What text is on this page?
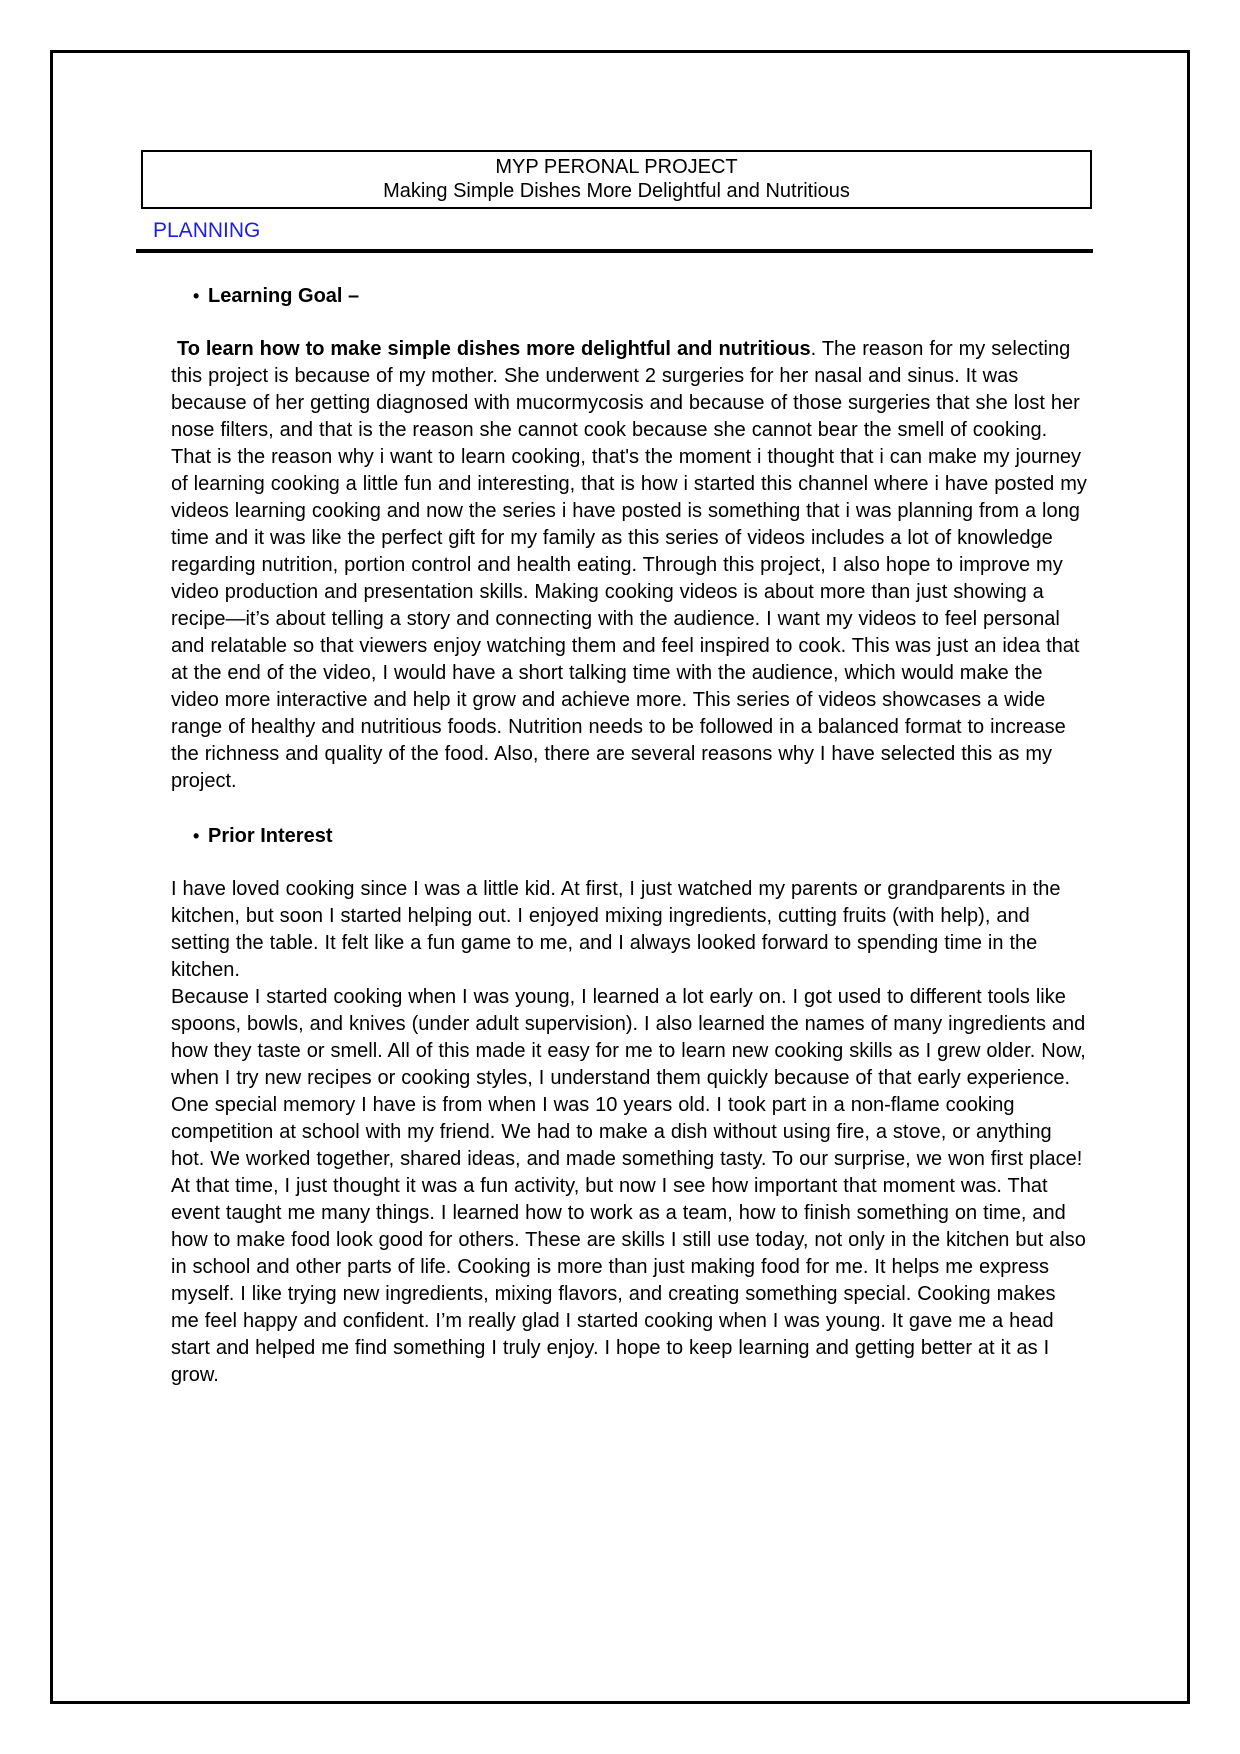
MYP PERONAL PROJECT
Making Simple Dishes More Delightful and Nutritious
PLANNING
• Learning Goal –
To learn how to make simple dishes more delightful and nutritious. The reason for my selecting this project is because of my mother. She underwent 2 surgeries for her nasal and sinus. It was because of her getting diagnosed with mucormycosis and because of those surgeries that she lost her nose filters, and that is the reason she cannot cook because she cannot bear the smell of cooking. That is the reason why i want to learn cooking, that's the moment i thought that i can make my journey of learning cooking a little fun and interesting, that is how i started this channel where i have posted my videos learning cooking and now the series i have posted is something that i was planning from a long time and it was like the perfect gift for my family as this series of videos includes a lot of knowledge regarding nutrition, portion control and health eating. Through this project, I also hope to improve my video production and presentation skills. Making cooking videos is about more than just showing a recipe—it’s about telling a story and connecting with the audience. I want my videos to feel personal and relatable so that viewers enjoy watching them and feel inspired to cook. This was just an idea that at the end of the video, I would have a short talking time with the audience, which would make the video more interactive and help it grow and achieve more. This series of videos showcases a wide range of healthy and nutritious foods. Nutrition needs to be followed in a balanced format to increase the richness and quality of the food. Also, there are several reasons why I have selected this as my project.
• Prior Interest
I have loved cooking since I was a little kid. At first, I just watched my parents or grandparents in the kitchen, but soon I started helping out. I enjoyed mixing ingredients, cutting fruits (with help), and setting the table. It felt like a fun game to me, and I always looked forward to spending time in the kitchen.
Because I started cooking when I was young, I learned a lot early on. I got used to different tools like spoons, bowls, and knives (under adult supervision). I also learned the names of many ingredients and how they taste or smell. All of this made it easy for me to learn new cooking skills as I grew older. Now, when I try new recipes or cooking styles, I understand them quickly because of that early experience.
One special memory I have is from when I was 10 years old. I took part in a non-flame cooking competition at school with my friend. We had to make a dish without using fire, a stove, or anything hot. We worked together, shared ideas, and made something tasty. To our surprise, we won first place! At that time, I just thought it was a fun activity, but now I see how important that moment was. That event taught me many things. I learned how to work as a team, how to finish something on time, and how to make food look good for others. These are skills I still use today, not only in the kitchen but also in school and other parts of life. Cooking is more than just making food for me. It helps me express myself. I like trying new ingredients, mixing flavors, and creating something special. Cooking makes me feel happy and confident. I’m really glad I started cooking when I was young. It gave me a head start and helped me find something I truly enjoy. I hope to keep learning and getting better at it as I grow.
